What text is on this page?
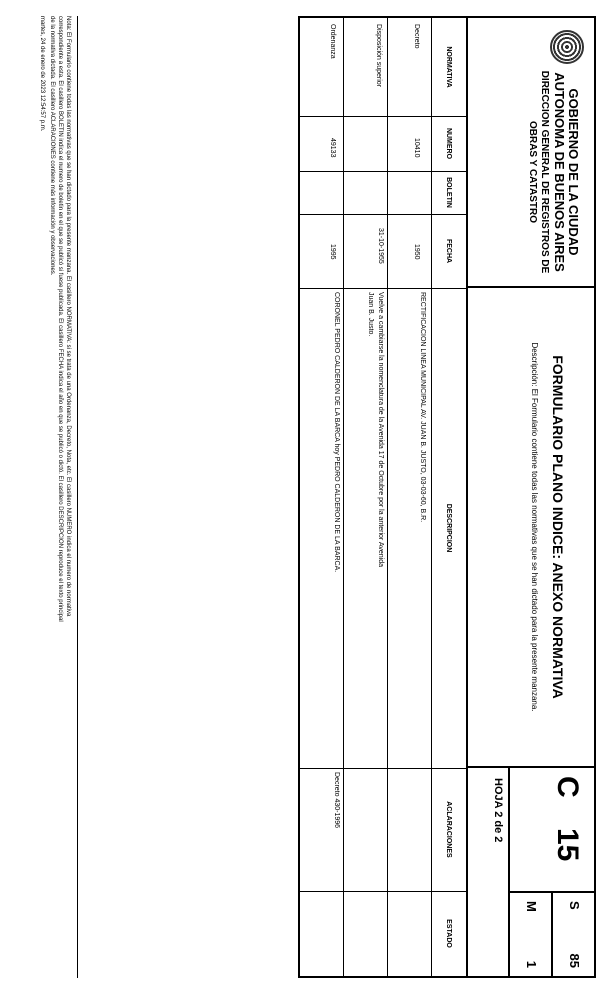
GOBIERNO DE LA CIUDAD
AUTONOMA DE BUENOS AIRES
DIRECCION GENERAL DE REGISTROS DE
OBRAS Y CATASTRO
FORMULARIO PLANO INDICE: ANEXO NORMATIVA
Descripción: El Formulario contiene todas las normativas que se han dictado para la presente manzana.
C
15
S
85
M
1
HOJA 2 de 2
NORMATIVA
NUMERO
BOLETIN
FECHA
DESCRIPCION
ACLARACIONES
ESTADO
Decreto
10410
1950
RECTIFICACION LINEA MUNICIPAL AV. JUAN B. JUSTO, 03-03-60, B.R.
Disposición superior
31-10-1955
Vuelve a cambiarse la nomenclatura de la Avenida 17 de Octubre por la anterior Avenida
Juan B. Justo.
Ordenanza
49133
1995
CORONEL PEDRO CALDERON DE LA BARCA hoy PEDRO CALDERON DE LA BARCA.
Decreto 430-1996
Nota: El Formulario contiene todas las normativas que se han dictado para la presente manzana. El casillero NORMATIVA: si se trata de una Ordenanza, Decreto, Nota, etc. El casillero NUMERO indica el numero de normativa
correspondiente a esta. El casillero BOLETIN indica el numero de boletin en el que se publicó si fuese publicada. El casillero FECHA indica el año en que se publicó o dictó. El casillero DESCRIPCION reproduce el texto principal
de la normativa dictada. El casillero ACLARACIONES contiene más información y observaciones.
martes, 24 de enero de 2023 12:54:57 p.m.
